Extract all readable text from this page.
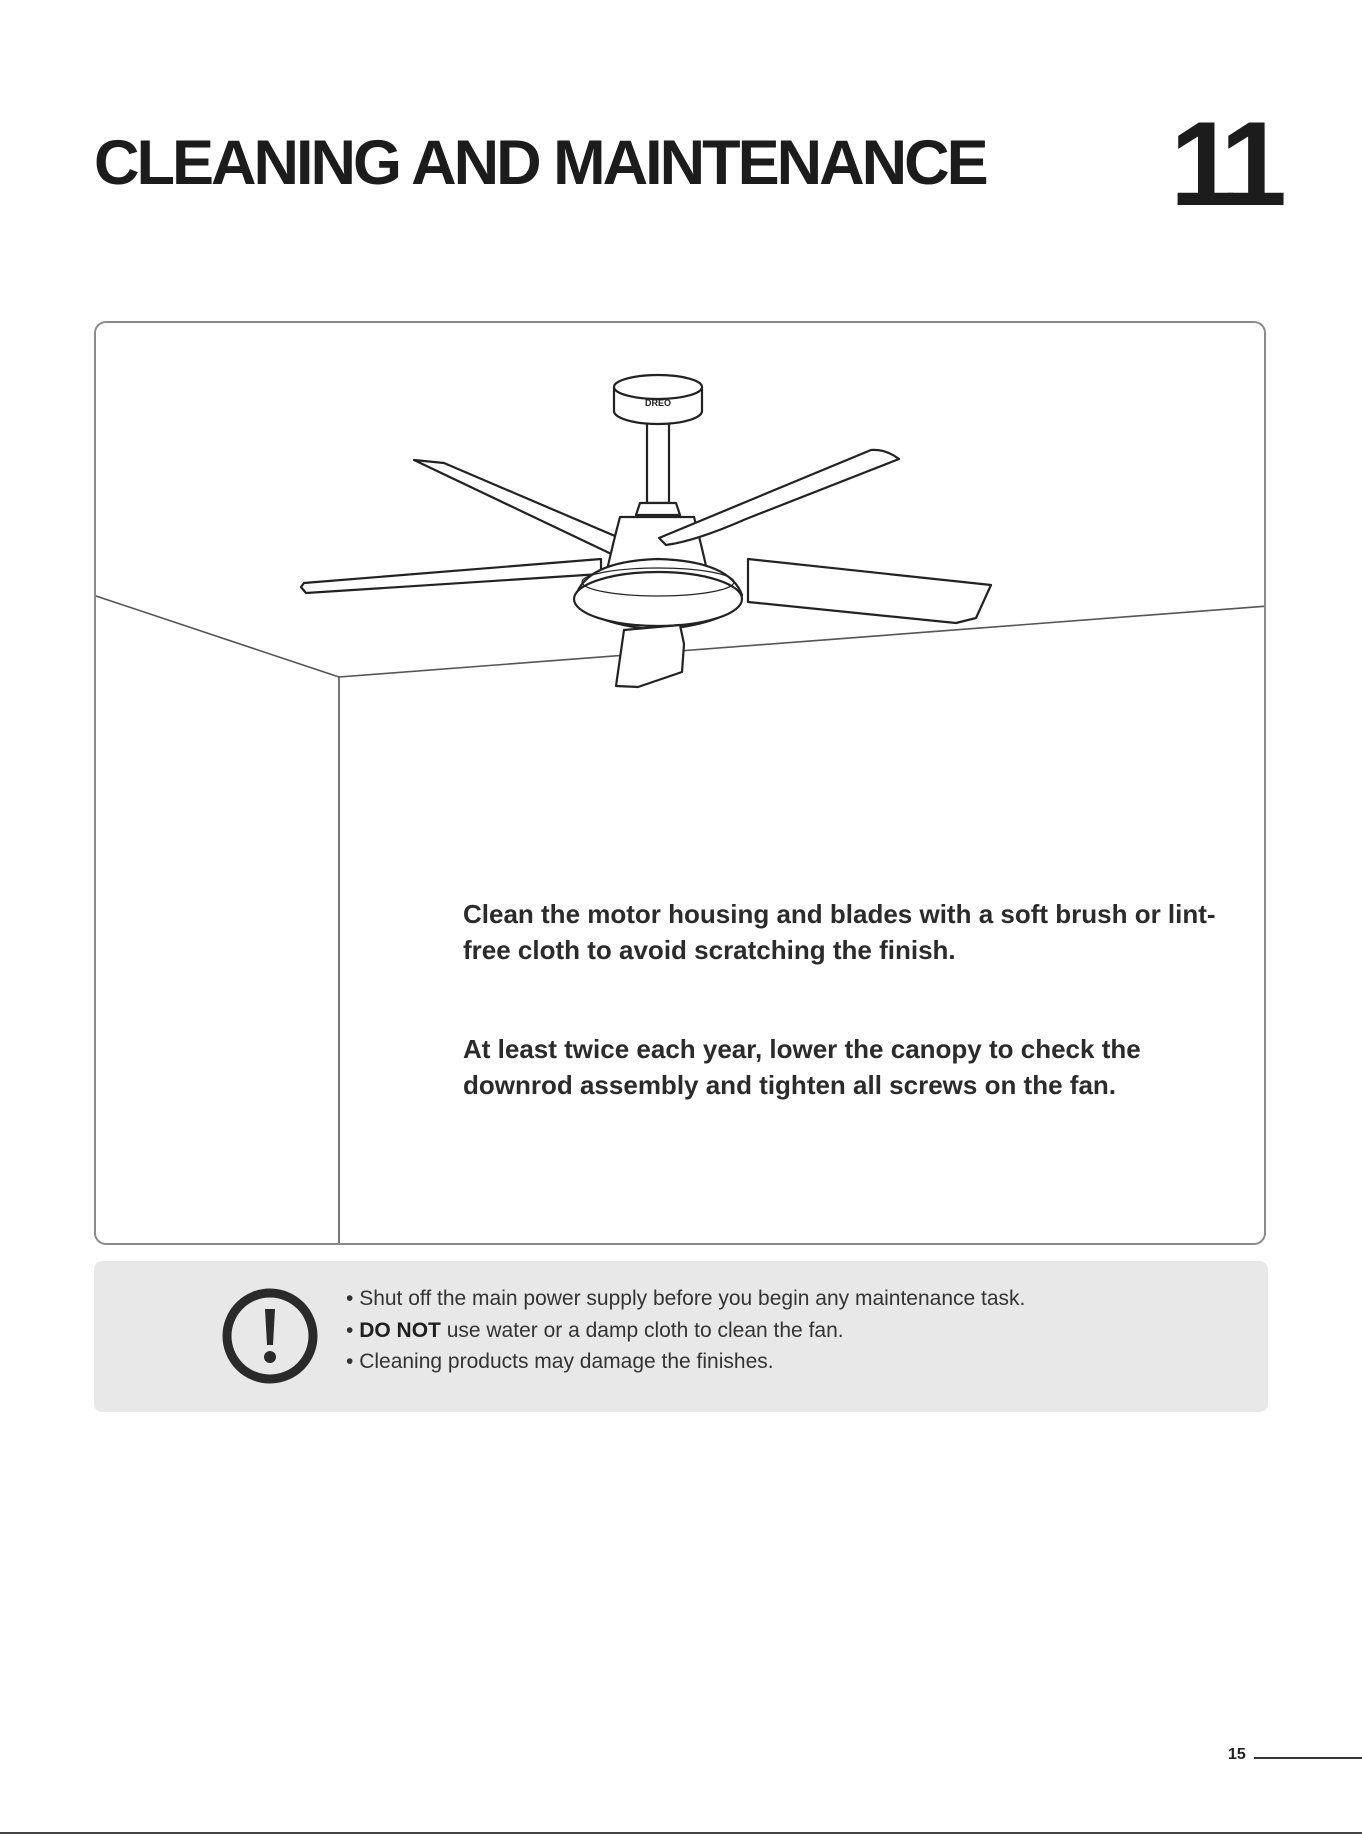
CLEANING AND MAINTENANCE 11
DREO
Clean the motor housing and blades with a soft brush or lint-free cloth to avoid scratching the finish.
At least twice each year, lower the canopy to check the downrod assembly and tighten all screws on the fan.
• Shut off the main power supply before you begin any maintenance task.
• DO NOT use water or a damp cloth to clean the fan.
• Cleaning products may damage the finishes.
15
